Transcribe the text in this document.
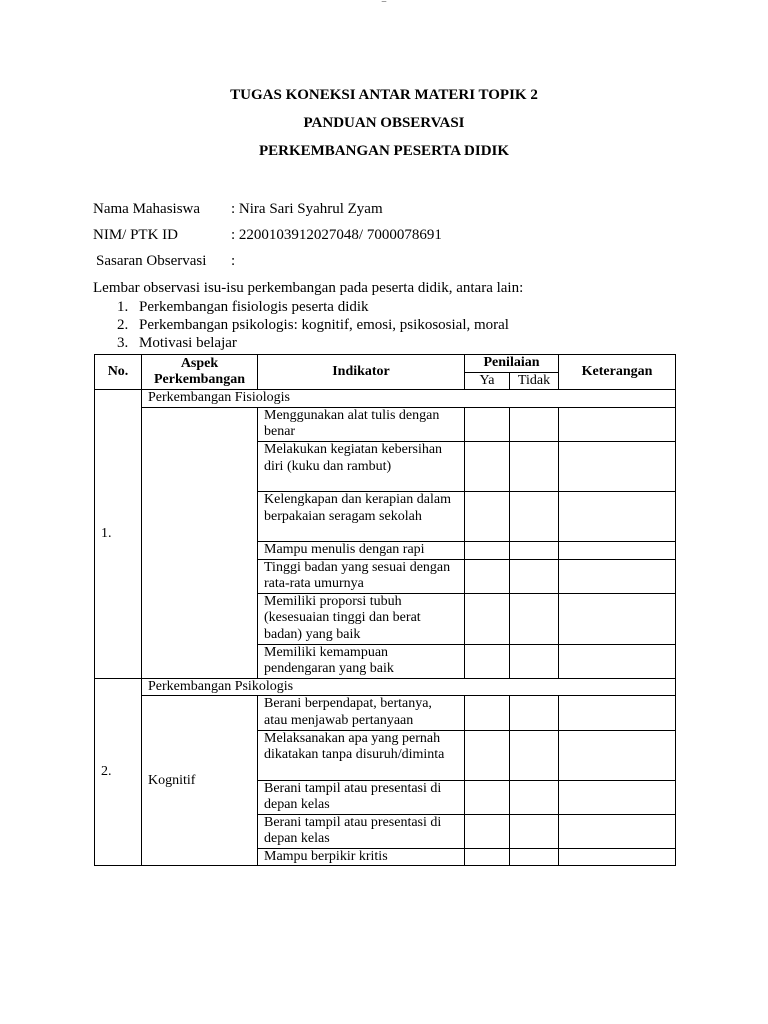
‒
TUGAS KONEKSI ANTAR MATERI TOPIK 2
PANDUAN OBSERVASI
PERKEMBANGAN PESERTA DIDIK
Nama Mahasiswa : Nira Sari Syahrul Zyam
NIM/ PTK ID	: 2200103912027048/ 7000078691
Sasaran Observasi :
Lembar observasi isu-isu perkembangan pada peserta didik, antara lain:
1. Perkembangan fisiologis peserta didik
2. Perkembangan psikologis: kognitif, emosi, psikososial, moral
3. Motivasi belajar
No.	Aspek Perkembangan	Indikator	Penilaian		Keterangan
			Ya	Tidak	
1.	Perkembangan Fisiologis				
		Menggunakan alat tulis dengan benar			
		Melakukan kegiatan kebersihan diri (kuku dan rambut)			
		Kelengkapan dan kerapian dalam berpakaian seragam sekolah			
		Mampu menulis dengan rapi			
		Tinggi badan yang sesuai dengan rata-rata umurnya			
		Memiliki proporsi tubuh (kesesuaian tinggi dan berat badan) yang baik			
		Memiliki kemampuan pendengaran yang baik			
2.	Perkembangan Psikologis				
	Kognitif	Berani berpendapat, bertanya, atau menjawab pertanyaan			
		Melaksanakan apa yang pernah dikatakan tanpa disuruh/diminta			
		Berani tampil atau presentasi di depan kelas			
		Berani tampil atau presentasi di depan kelas			
		Mampu berpikir kritis			
